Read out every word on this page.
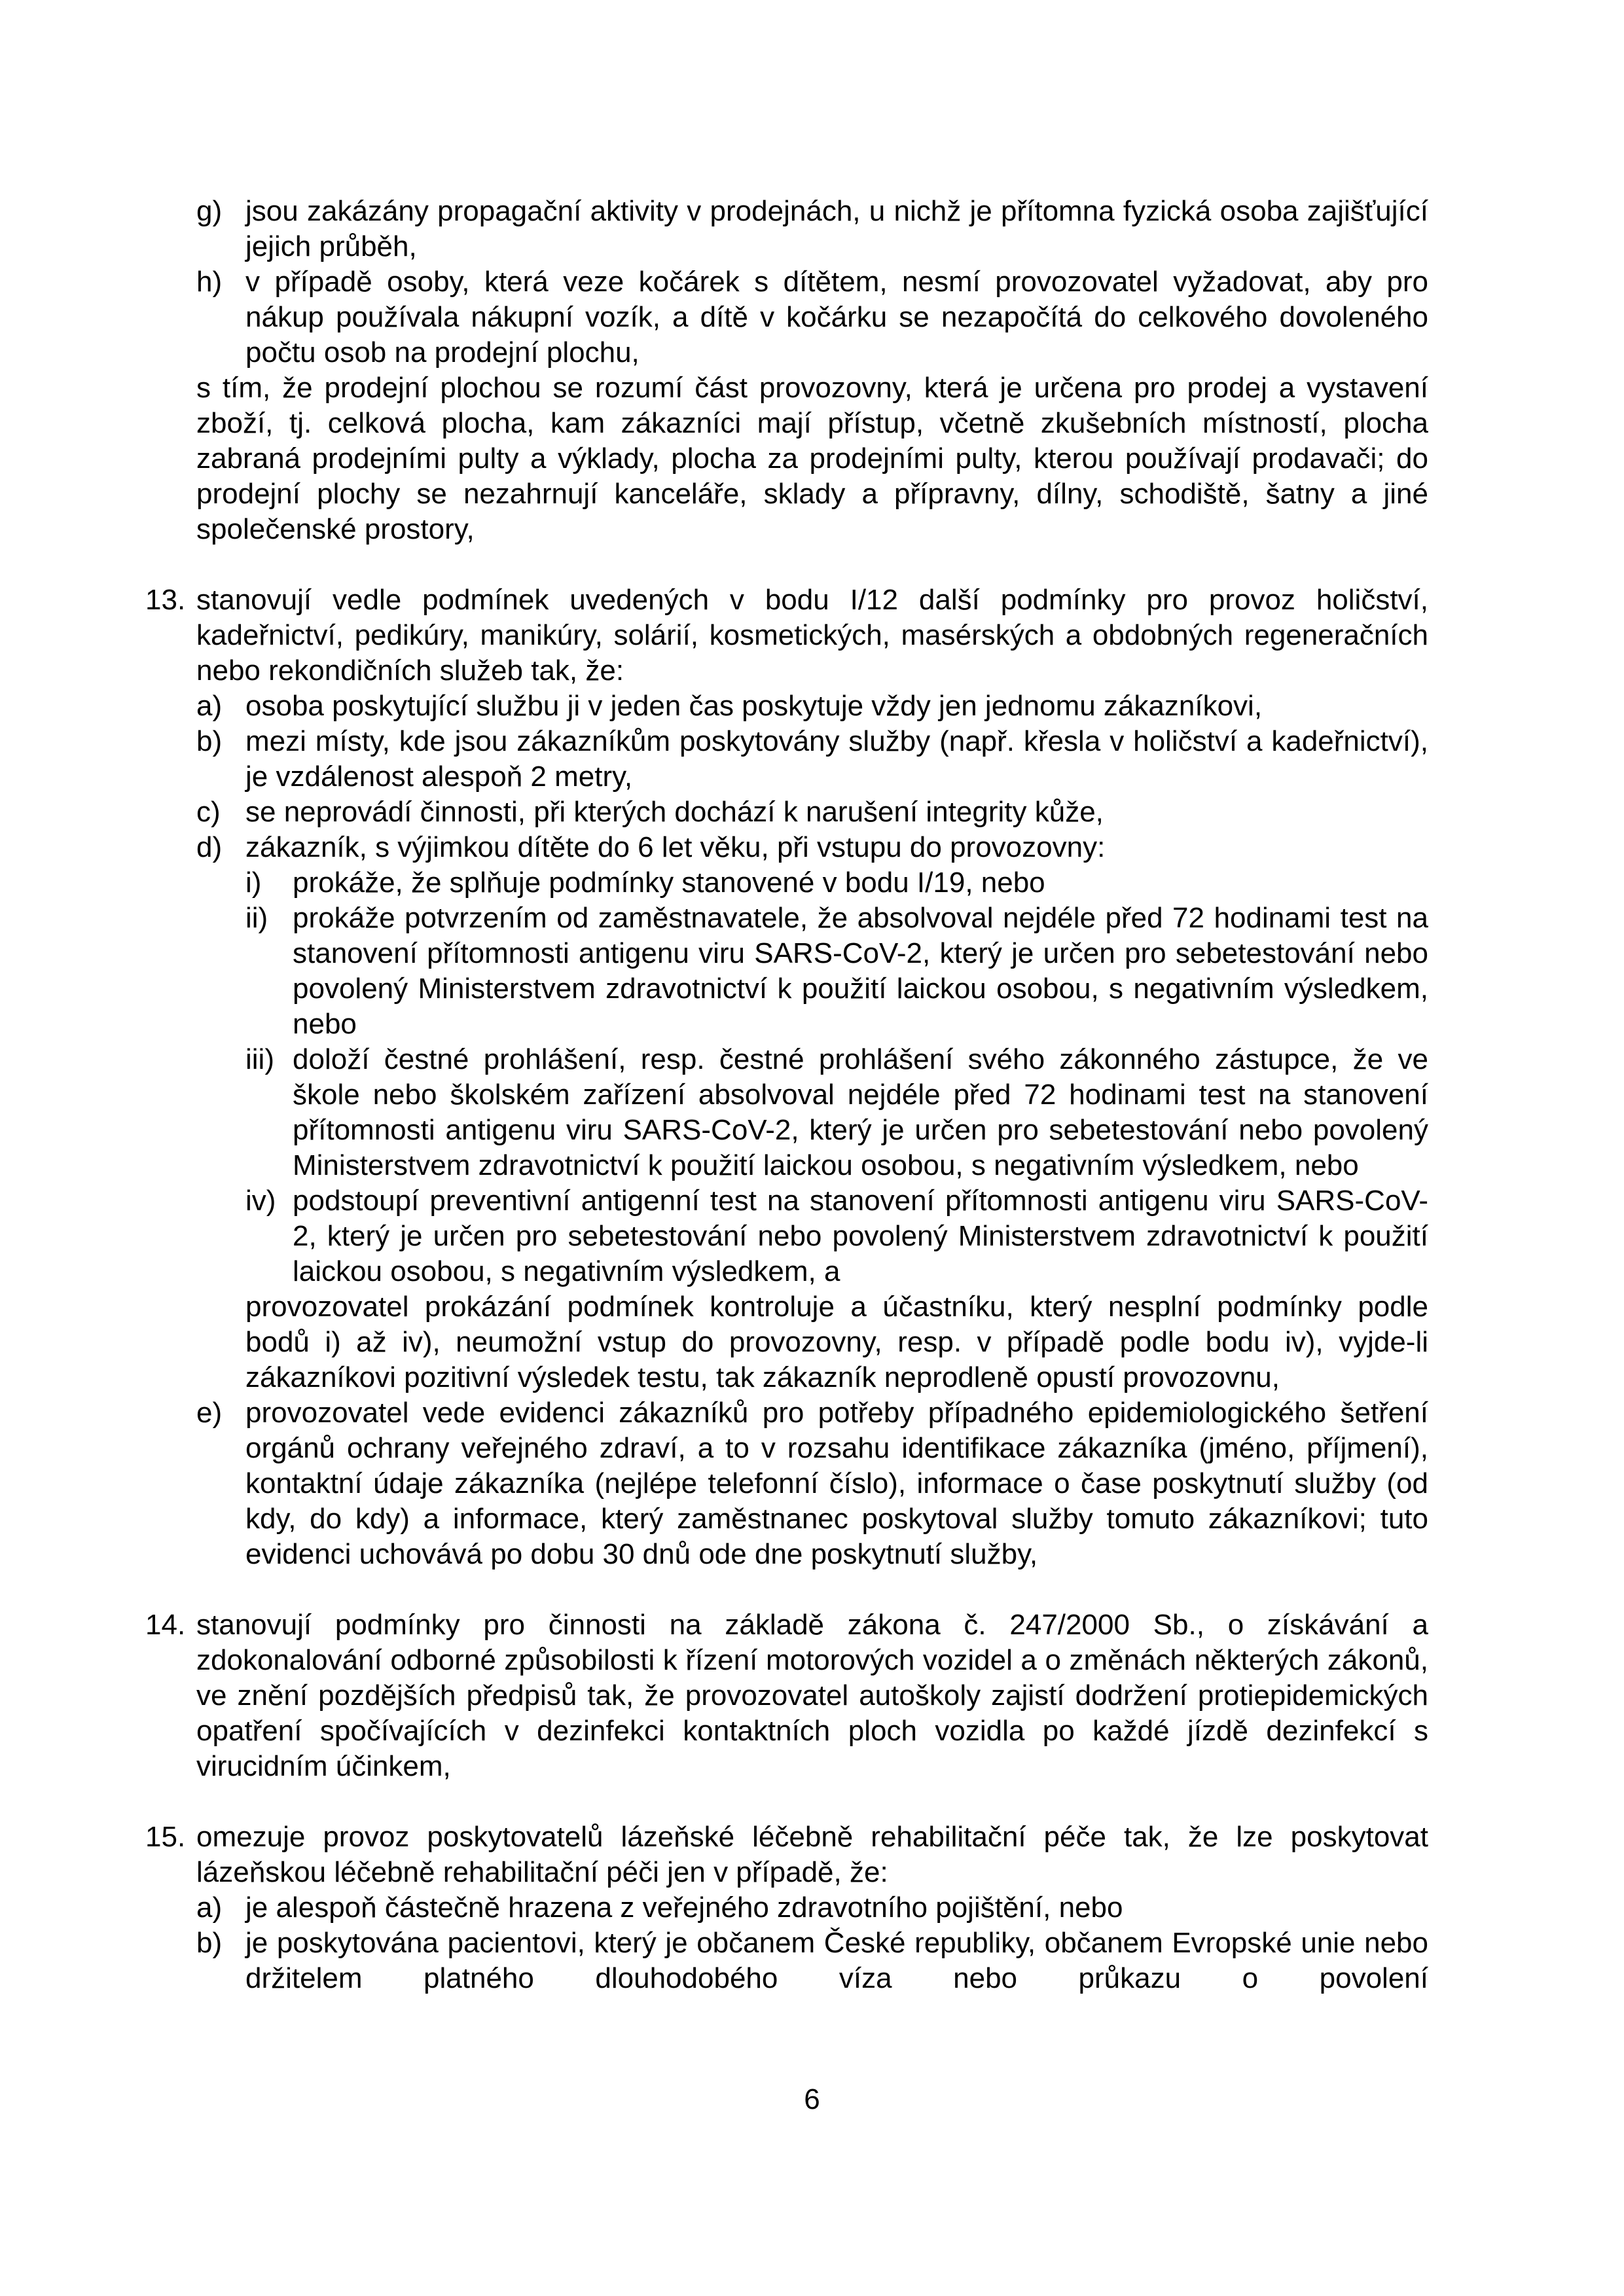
g) jsou zakázány propagační aktivity v prodejnách, u nichž je přítomna fyzická osoba zajišťující jejich průběh,
h) v případě osoby, která veze kočárek s dítětem, nesmí provozovatel vyžadovat, aby pro nákup používala nákupní vozík, a dítě v kočárku se nezapočítá do celkového dovoleného počtu osob na prodejní plochu,
s tím, že prodejní plochou se rozumí část provozovny, která je určena pro prodej a vystavení zboží, tj. celková plocha, kam zákazníci mají přístup, včetně zkušebních místností, plocha zabraná prodejními pulty a výklady, plocha za prodejními pulty, kterou používají prodavači; do prodejní plochy se nezahrnují kanceláře, sklady a přípravny, dílny, schodiště, šatny a jiné společenské prostory,
13. stanovují vedle podmínek uvedených v bodu I/12 další podmínky pro provoz holičství, kadeřnictví, pedikúry, manikúry, solárií, kosmetických, masérských a obdobných regeneračních nebo rekondičních služeb tak, že:
a) osoba poskytující službu ji v jeden čas poskytuje vždy jen jednomu zákazníkovi,
b) mezi místy, kde jsou zákazníkům poskytovány služby (např. křesla v holičství a kadeřnictví), je vzdálenost alespoň 2 metry,
c) se neprovádí činnosti, při kterých dochází k narušení integrity kůže,
d) zákazník, s výjimkou dítěte do 6 let věku, při vstupu do provozovny:
i)	prokáže, že splňuje podmínky stanovené v bodu I/19, nebo
ii) prokáže potvrzením od zaměstnavatele, že absolvoval nejdéle před 72 hodinami test na stanovení přítomnosti antigenu viru SARS-CoV-2, který je určen pro sebetestování nebo povolený Ministerstvem zdravotnictví k použití laickou osobou, s negativním výsledkem, nebo
iii) doloží čestné prohlášení, resp. čestné prohlášení svého zákonného zástupce, že ve škole nebo školském zařízení absolvoval nejdéle před 72 hodinami test na stanovení přítomnosti antigenu viru SARS-CoV-2, který je určen pro sebetestování nebo povolený Ministerstvem zdravotnictví k použití laickou osobou, s negativním výsledkem, nebo
iv) podstoupí preventivní antigenní test na stanovení přítomnosti antigenu viru SARS-CoV-2, který je určen pro sebetestování nebo povolený Ministerstvem zdravotnictví k použití laickou osobou, s negativním výsledkem, a
provozovatel prokázání podmínek kontroluje a účastníku, který nesplní podmínky podle bodů i) až iv), neumožní vstup do provozovny, resp. v případě podle bodu iv), vyjde-li zákazníkovi pozitivní výsledek testu, tak zákazník neprodleně opustí provozovnu,
e) provozovatel vede evidenci zákazníků pro potřeby případného epidemiologického šetření orgánů ochrany veřejného zdraví, a to v rozsahu identifikace zákazníka (jméno, příjmení), kontaktní údaje zákazníka (nejlépe telefonní číslo), informace o čase poskytnutí služby (od kdy, do kdy) a informace, který zaměstnanec poskytoval služby tomuto zákazníkovi; tuto evidenci uchovává po dobu 30 dnů ode dne poskytnutí služby,
14. stanovují podmínky pro činnosti na základě zákona č. 247/2000 Sb., o získávání a zdokonalování odborné způsobilosti k řízení motorových vozidel a o změnách některých zákonů, ve znění pozdějších předpisů tak, že provozovatel autoškoly zajistí dodržení protiepidemických opatření spočívajících v dezinfekci kontaktních ploch vozidla po každé jízdě dezinfekcí s virucidním účinkem,
15. omezuje provoz poskytovatelů lázeňské léčebně rehabilitační péče tak, že lze poskytovat lázeňskou léčebně rehabilitační péči jen v případě, že:
a) je alespoň částečně hrazena z veřejného zdravotního pojištění, nebo
b) je poskytována pacientovi, který je občanem České republiky, občanem Evropské unie nebo držitelem platného dlouhodobého víza nebo průkazu o povolení
6
